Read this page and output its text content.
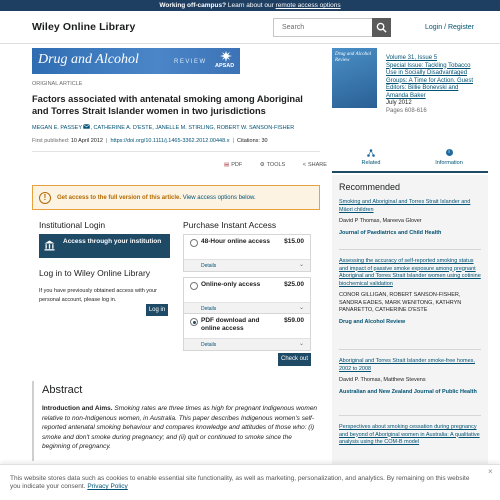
Working off-campus? Learn about our remote access options
Wiley Online Library	Search	Login / Register
Drug and Alcohol	REVIEW
APSAD
ORIGINAL ARTICLE
Factors associated with antenatal smoking among Aboriginal and Torres Strait Islander women in two jurisdictions
MEGAN E. PASSEY , CATHERINE A. D'ESTE, JANELLE M. STIRLING, ROBERT W. SANSON-FISHER
First published: 10 April 2012  |  https://doi.org/10.1111/j.1465-3362.2012.00448.x  |  Citations: 30
▤ PDF	⚙ TOOLS	< SHARE
!	Get access to the full version of this article. View access options below.
Institutional Login
Access through your institution
Log in to Wiley Online Library
If you have previously obtained access with your personal account, please log in.
Log in
Purchase Instant Access
48-Hour online access $15.00
Details	⌄
Online-only access	$25.00
Details	⌄
PDF download and online access
$59.00
Details	⌄
Check out
Abstract

Introduction and Aims. Smoking rates are three times as high for pregnant Indigenous women relative to non-Indigenous women, in Australia. This paper describes Indigenous women's self-reported antenatal smoking behaviour and compares knowledge and attitudes of those who: (i) smoke and don't smoke during pregnancy; and (ii) quit or continued to smoke since the beginning of pregnancy.

Drug and Alcohol Review	Volume 31, Issue 5
Special Issue: Tackling Tobacco Use in Socially Disadvantaged Groups: A Time for Action. Guest Editors: Billie Bonevski and Amanda Baker
July 2012
Pages 608-616
Related
i
Information
Recommended
Smoking and Aboriginal and Torres Strait Islander and Māori children
David P Thomas, Mareeva Glover
Journal of Paediatrics and Child Health
Assessing the accuracy of self-reported smoking status and impact of passive smoke exposure among pregnant Aboriginal and Torres Strait Islander women using cotinine biochemical validation
CONOR GILLIGAN, ROBERT SANSON-FISHER, SANDRA EADES, MARK WENITONG, KATHRYN PANARETTO, CATHERINE D'ESTE
Drug and Alcohol Review
Aboriginal and Torres Strait Islander smoke-free homes, 2002 to 2008
David P. Thomas, Matthew Stevens
Australian and New Zealand Journal of Public Health
Perspectives about smoking cessation during pregnancy and beyond of Aboriginal women in Australia: A qualitative analysis using the COM-B model
This website stores data such as cookies to enable essential site functionality, as well as marketing, personalization, and analytics. By remaining on this website you indicate your consent. Privacy Policy
×
